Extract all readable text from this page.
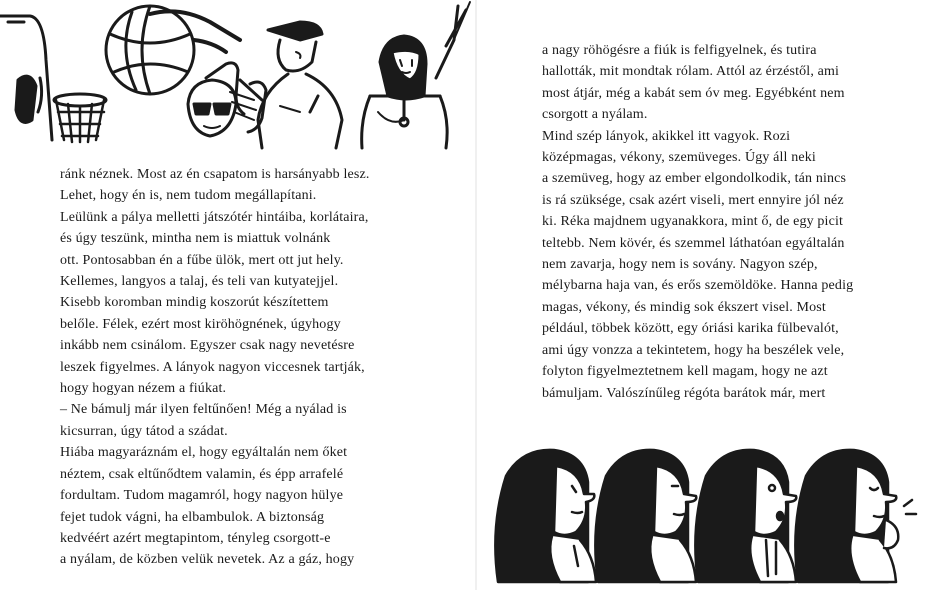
ránk néznek. Most az én csapatom is harsányabb lesz.
Lehet, hogy én is, nem tudom megállapítani.
Leülünk a pálya melletti játszótér hintáiba, korlátaira,
és úgy teszünk, mintha nem is miattuk volnánk
ott. Pontosabban én a fűbe ülök, mert ott jut hely.
Kellemes, langyos a talaj, és teli van kutyatejjel.
Kisebb koromban mindig koszorút készítettem
belőle. Félek, ezért most kiröhögnének, úgyhogy
inkább nem csinálom. Egyszer csak nagy nevetésre
leszek figyelmes. A lányok nagyon viccesnek tartják,
hogy hogyan nézem a fiúkat.
– Ne bámulj már ilyen feltűnően! Még a nyálad is
kicsurran, úgy tátod a szádat.
Hiába magyaráznám el, hogy egyáltalán nem őket
néztem, csak eltűnődtem valamin, és épp arrafelé
fordultam. Tudom magamról, hogy nagyon hülye
fejet tudok vágni, ha elbambulok. A biztonság
kedvéért azért megtapintom, tényleg csorgott-e
a nyálam, de közben velük nevetek. Az a gáz, hogy
a nagy röhögésre a fiúk is felfigyelnek, és tutira
hallották, mit mondtak rólam. Attól az érzéstől, ami
most átjár, még a kabát sem óv meg. Egyébként nem
csorgott a nyálam.
Mind szép lányok, akikkel itt vagyok. Rozi
középmagas, vékony, szemüveges. Úgy áll neki
a szemüveg, hogy az ember elgondolkodik, tán nincs
is rá szüksége, csak azért viseli, mert ennyire jól néz
ki. Réka majdnem ugyanakkora, mint ő, de egy picit
teltebb. Nem kövér, és szemmel láthatóan egyáltalán
nem zavarja, hogy nem is sovány. Nagyon szép,
mélybarna haja van, és erős szemöldöke. Hanna pedig
magas, vékony, és mindig sok ékszert visel. Most
például, többek között, egy óriási karika fülbevalót,
ami úgy vonzza a tekintetem, hogy ha beszélek vele,
folyton figyelmeztetnem kell magam, hogy ne azt
bámuljam. Valószínűleg régóta barátok már, mert
